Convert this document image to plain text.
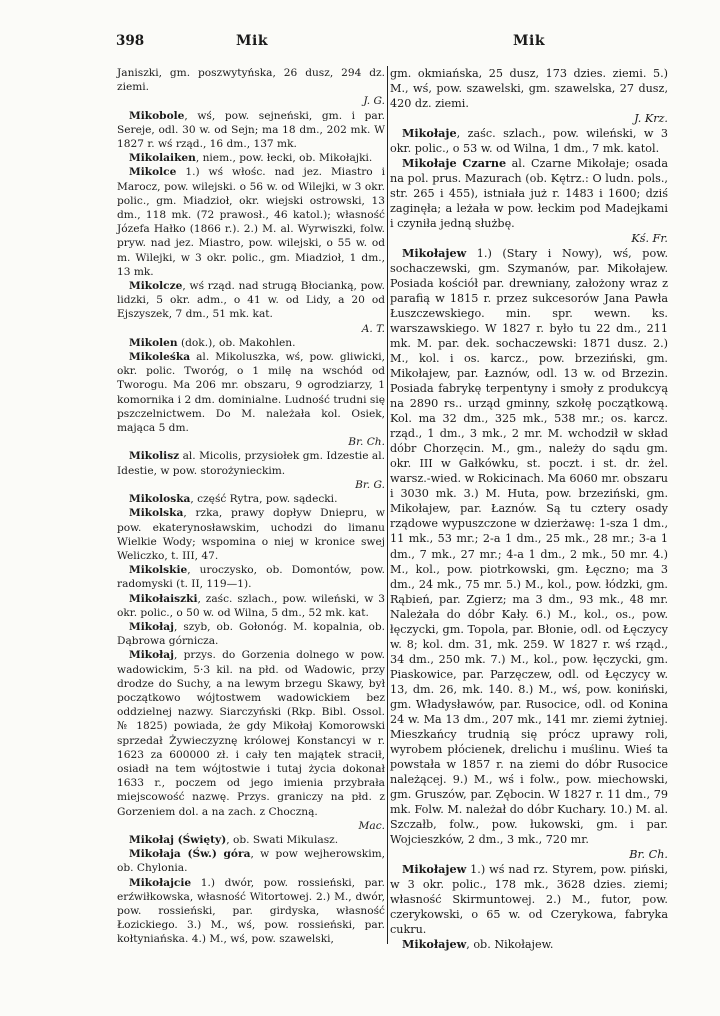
398	Mik	Mik

Janiszki, gm. poszwytyńska, 26 dusz, 294 dz. ziemi.
J. G.

Mikobole, wś, pow. sejneński, gm. i par. Sereje, odl. 30 w. od Sejn; ma 18 dm., 202 mk. W 1827 r. wś rząd., 16 dm., 137 mk.

Mikolaiken, niem., pow. łecki, ob. Mikołajki.

Mikolce 1.) wś włośc. nad jez. Miastro i Marocz, pow. wilejski. o 56 w. od Wilejki, w 3 okr. polic., gm. Miadzioł, okr. wiejski ostrowski, 13 dm., 118 mk. (72 prawosł., 46 katol.); własność Józefa Hałko (1866 r.). 2.) M. al. Wyrwiszki, folw. pryw. nad jez. Miastro, pow. wilejski, o 55 w. od m. Wilejki, w 3 okr. polic., gm. Miadzioł, 1 dm., 13 mk.

Mikolcze, wś rząd. nad strugą Błocianką, pow. lidzki, 5 okr. adm., o 41 w. od Lidy, a 20 od Ejszyszek, 7 dm., 51 mk. kat.
A. T.

Mikolen (dok.), ob. Makohlen.

Mikoleśka al. Mikoluszka, wś, pow. gliwicki, okr. polic. Tworóg, o 1 milę na wschód od Tworogu. Ma 206 mr. obszaru, 9 ogrodziarzy, 1 komornika i 2 dm. dominialne. Ludność trudni się pszczelnictwem. Do M. należała kol. Osiek, mająca 5 dm.
Br. Ch.

Mikolisz al. Micolis, przysiołek gm. Idzestie al. Idestie, w pow. storożynieckim.
Br. G.

Mikoloska, część Rytra, pow. sądecki.

Mikolska, rzka, prawy dopływ Dniepru, w pow. ekaterynosławskim, uchodzi do limanu Wielkie Wody; wspomina o niej w kronice swej Weliczko, t. III, 47.

Mikolskie, uroczysko, ob. Domontów, pow. radomyski (t. II, 119—1).

Mikołaiszki, zaśc. szlach., pow. wileński, w 3 okr. polic., o 50 w. od Wilna, 5 dm., 52 mk. kat.

Mikołaj, szyb, ob. Gołonóg. M. kopalnia, ob. Dąbrowa górnicza.

Mikołaj, przys. do Gorzenia dolnego w pow. wadowickim, 5·3 kil. na płd. od Wadowic, przy drodze do Suchy, a na lewym brzegu Skawy, był początkowo wójtostwem wadowickiem bez oddzielnej nazwy. Siarczyński (Rkp. Bibl. Ossol. № 1825) powiada, że gdy Mikołaj Komorowski sprzedał Żywieczyznę królowej Konstancyi w r. 1623 za 600000 zł. i cały ten majątek stracił, osiadł na tem wójtostwie i tutaj życia dokonał 1633 r., poczem od jego imienia przybrała miejscowość nazwę. Przys. graniczy na płd. z Gorzeniem dol. a na zach. z Choczną.
Mac.

Mikołaj (Święty), ob. Swati Mikulasz.

Mikołaja (Św.) góra, w pow wejherowskim, ob. Chylonia.

Mikołajcie 1.) dwór, pow. rossieński, par. erźwiłkowska, własność Witortowej. 2.) M., dwór, pow. rossieński, par. girdyska, własność Łozickiego. 3.) M., wś, pow. rossieński, par. kołtyniańska. 4.) M., wś, pow. szawelski,

gm. okmiańska, 25 dusz, 173 dzies. ziemi. 5.) M., wś, pow. szawelski, gm. szawelska, 27 dusz, 420 dz. ziemi.
J. Krz.

Mikołaje, zaśc. szlach., pow. wileński, w 3 okr. polic., o 53 w. od Wilna, 1 dm., 7 mk. katol.

Mikołaje Czarne al. Czarne Mikołaje; osada na pol. prus. Mazurach (ob. Kętrz.: O ludn. pols., str. 265 i 455), istniała już r. 1483 i 1600; dziś zaginęła; a leżała w pow. łeckim pod Madejkami i czyniła jedną służbę.
Kś. Fr.

Mikołajew 1.) (Stary i Nowy), wś, pow. sochaczewski, gm. Szymanów, par. Mikołajew. Posiada kościół par. drewniany, założony wraz z parafią w 1815 r. przez sukcesorów Jana Pawła Łuszczewskiego. min. spr. wewn. ks. warszawskiego. W 1827 r. było tu 22 dm., 211 mk. M. par. dek. sochaczewski: 1871 dusz. 2.) M., kol. i os. karcz., pow. brzeziński, gm. Mikołajew, par. Łaznów, odl. 13 w. od Brzezin. Posiada fabrykę terpentyny i smoły z produkcyą na 2890 rs.. urząd gminny, szkołę początkową. Kol. ma 32 dm., 325 mk., 538 mr.; os. karcz. rząd., 1 dm., 3 mk., 2 mr. M. wchodził w skład dóbr Chorzęcin. M., gm., należy do sądu gm. okr. III w Gałkówku, st. poczt. i st. dr. żel. warsz.-wied. w Rokicinach. Ma 6060 mr. obszaru i 3030 mk. 3.) M. Huta, pow. brzeziński, gm. Mikołajew, par. Łaznów. Są tu cztery osady rządowe wypuszczone w dzierżawę: 1-sza 1 dm., 11 mk., 53 mr.; 2-a 1 dm., 25 mk., 28 mr.; 3-a 1 dm., 7 mk., 27 mr.; 4-a 1 dm., 2 mk., 50 mr. 4.) M., kol., pow. piotrkowski, gm. Łęczno; ma 3 dm., 24 mk., 75 mr. 5.) M., kol., pow. łódzki, gm. Rąbień, par. Zgierz; ma 3 dm., 93 mk., 48 mr. Należała do dóbr Kały. 6.) M., kol., os., pow. łęczycki, gm. Topola, par. Błonie, odl. od Łęczycy w. 8; kol. dm. 31, mk. 259. W 1827 r. wś rząd., 34 dm., 250 mk. 7.) M., kol., pow. łęczycki, gm. Piaskowice, par. Parzęczew, odl. od Łęczycy w. 13, dm. 26, mk. 140. 8.) M., wś, pow. koniński, gm. Władysławów, par. Rusocice, odl. od Konina 24 w. Ma 13 dm., 207 mk., 141 mr. ziemi żytniej. Mieszkańcy trudnią się prócz uprawy roli, wyrobem płócienek, drelichu i muślinu. Wieś ta powstała w 1857 r. na ziemi do dóbr Rusocice należącej. 9.) M., wś i folw., pow. miechowski, gm. Gruszów, par. Zębocin. W 1827 r. 11 dm., 79 mk. Folw. M. należał do dóbr Kuchary. 10.) M. al. Szczałb, folw., pow. łukowski, gm. i par. Wojcieszków, 2 dm., 3 mk., 720 mr.
Br. Ch.

Mikołajew 1.) wś nad rz. Styrem, pow. piński, w 3 okr. polic., 178 mk., 3628 dzies. ziemi; własność Skirmuntowej. 2.) M., futor, pow. czerykowski, o 65 w. od Czerykowa, fabryka cukru.

Mikołajew, ob. Nikołajew.
